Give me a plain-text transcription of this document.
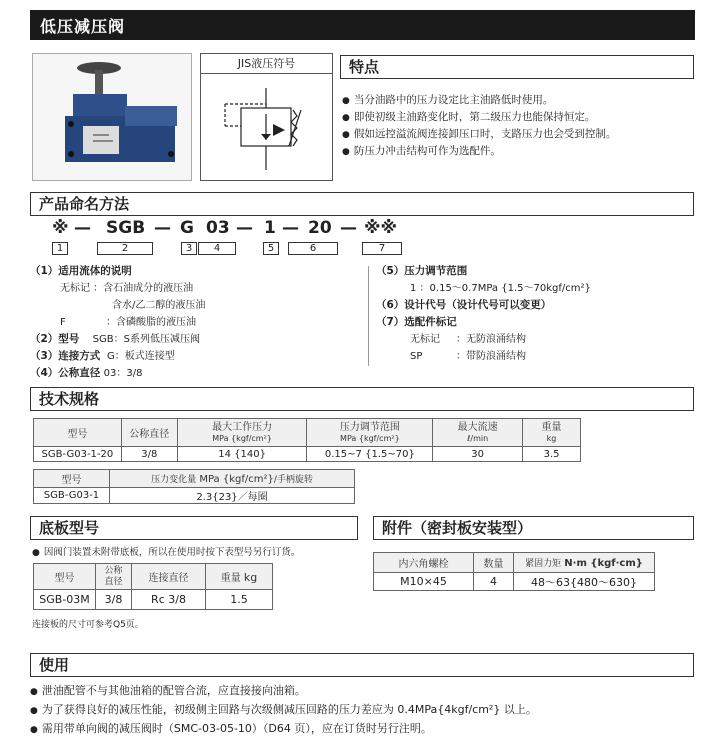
低压减压阀
JIS液压符号	特点
● 当分油路中的压力设定比主油路低时使用。
● 即使初级主油路变化时，第二级压力也能保持恒定。
● 假如远控溢流阀连接卸压口时，支路压力也会受到控制。
● 防压力冲击结构可作为选配件。
产品命名方法
※ — SGB — G 03 — 1 — 20 — ※※
1	2	3	4	5	6	7
（1）适用流体的说明
无标记 ：含石油成分的液压油
含水/乙二醇的液压油
F	：含磷酸脂的液压油
（2）型号 SGB：S系列低压减压阀
（3）连接方式 G：板式连接型
（4）公称直径 03：3/8
（5）压力调节范围
1 ：0.15～0.7MPa {1.5～70kgf/cm²}
（6）设计代号（设计代号可以变更）
（7）选配件标记
无标记 ：无防浪涌结构
SP	：带防浪涌结构
技术规格
型号	公称直径	最大工作压力
MPa {kgf/cm²}	压力调节范围
MPa {kgf/cm²}	最大流速
ℓ/min	重量
kg

SGB-G03-1-20	3/8	14 {140}	0.15~7 {1.5~70}	30	3.5
型号	压力变化量 MPa {kgf/cm²}/手柄旋转
SGB-G03-1	2.3{23}／每圈
底板型号
● 因阀门装置未附带底板，所以在使用时按下表型号另行订货。
型号	公称
直径	连接直径	重量 kg
SGB-03M	3/8	Rc 3/8	1.5
连接板的尺寸可参考Q5页。
附件（密封板安装型）
内六角螺栓	数量	紧固力矩 N·m {kgf·cm}
M10×45	4	48～63{480～630}
使用
● 泄油配管不与其他油箱的配管合流，应直接接向油箱。
● 为了获得良好的减压性能，初级侧主回路与次级侧减压回路的压力差应为 0.4MPa{4kgf/cm²} 以上。
● 需用带单向阀的减压阀时（SMC-03-05-10）（D64 页），应在订货时另行注明。
